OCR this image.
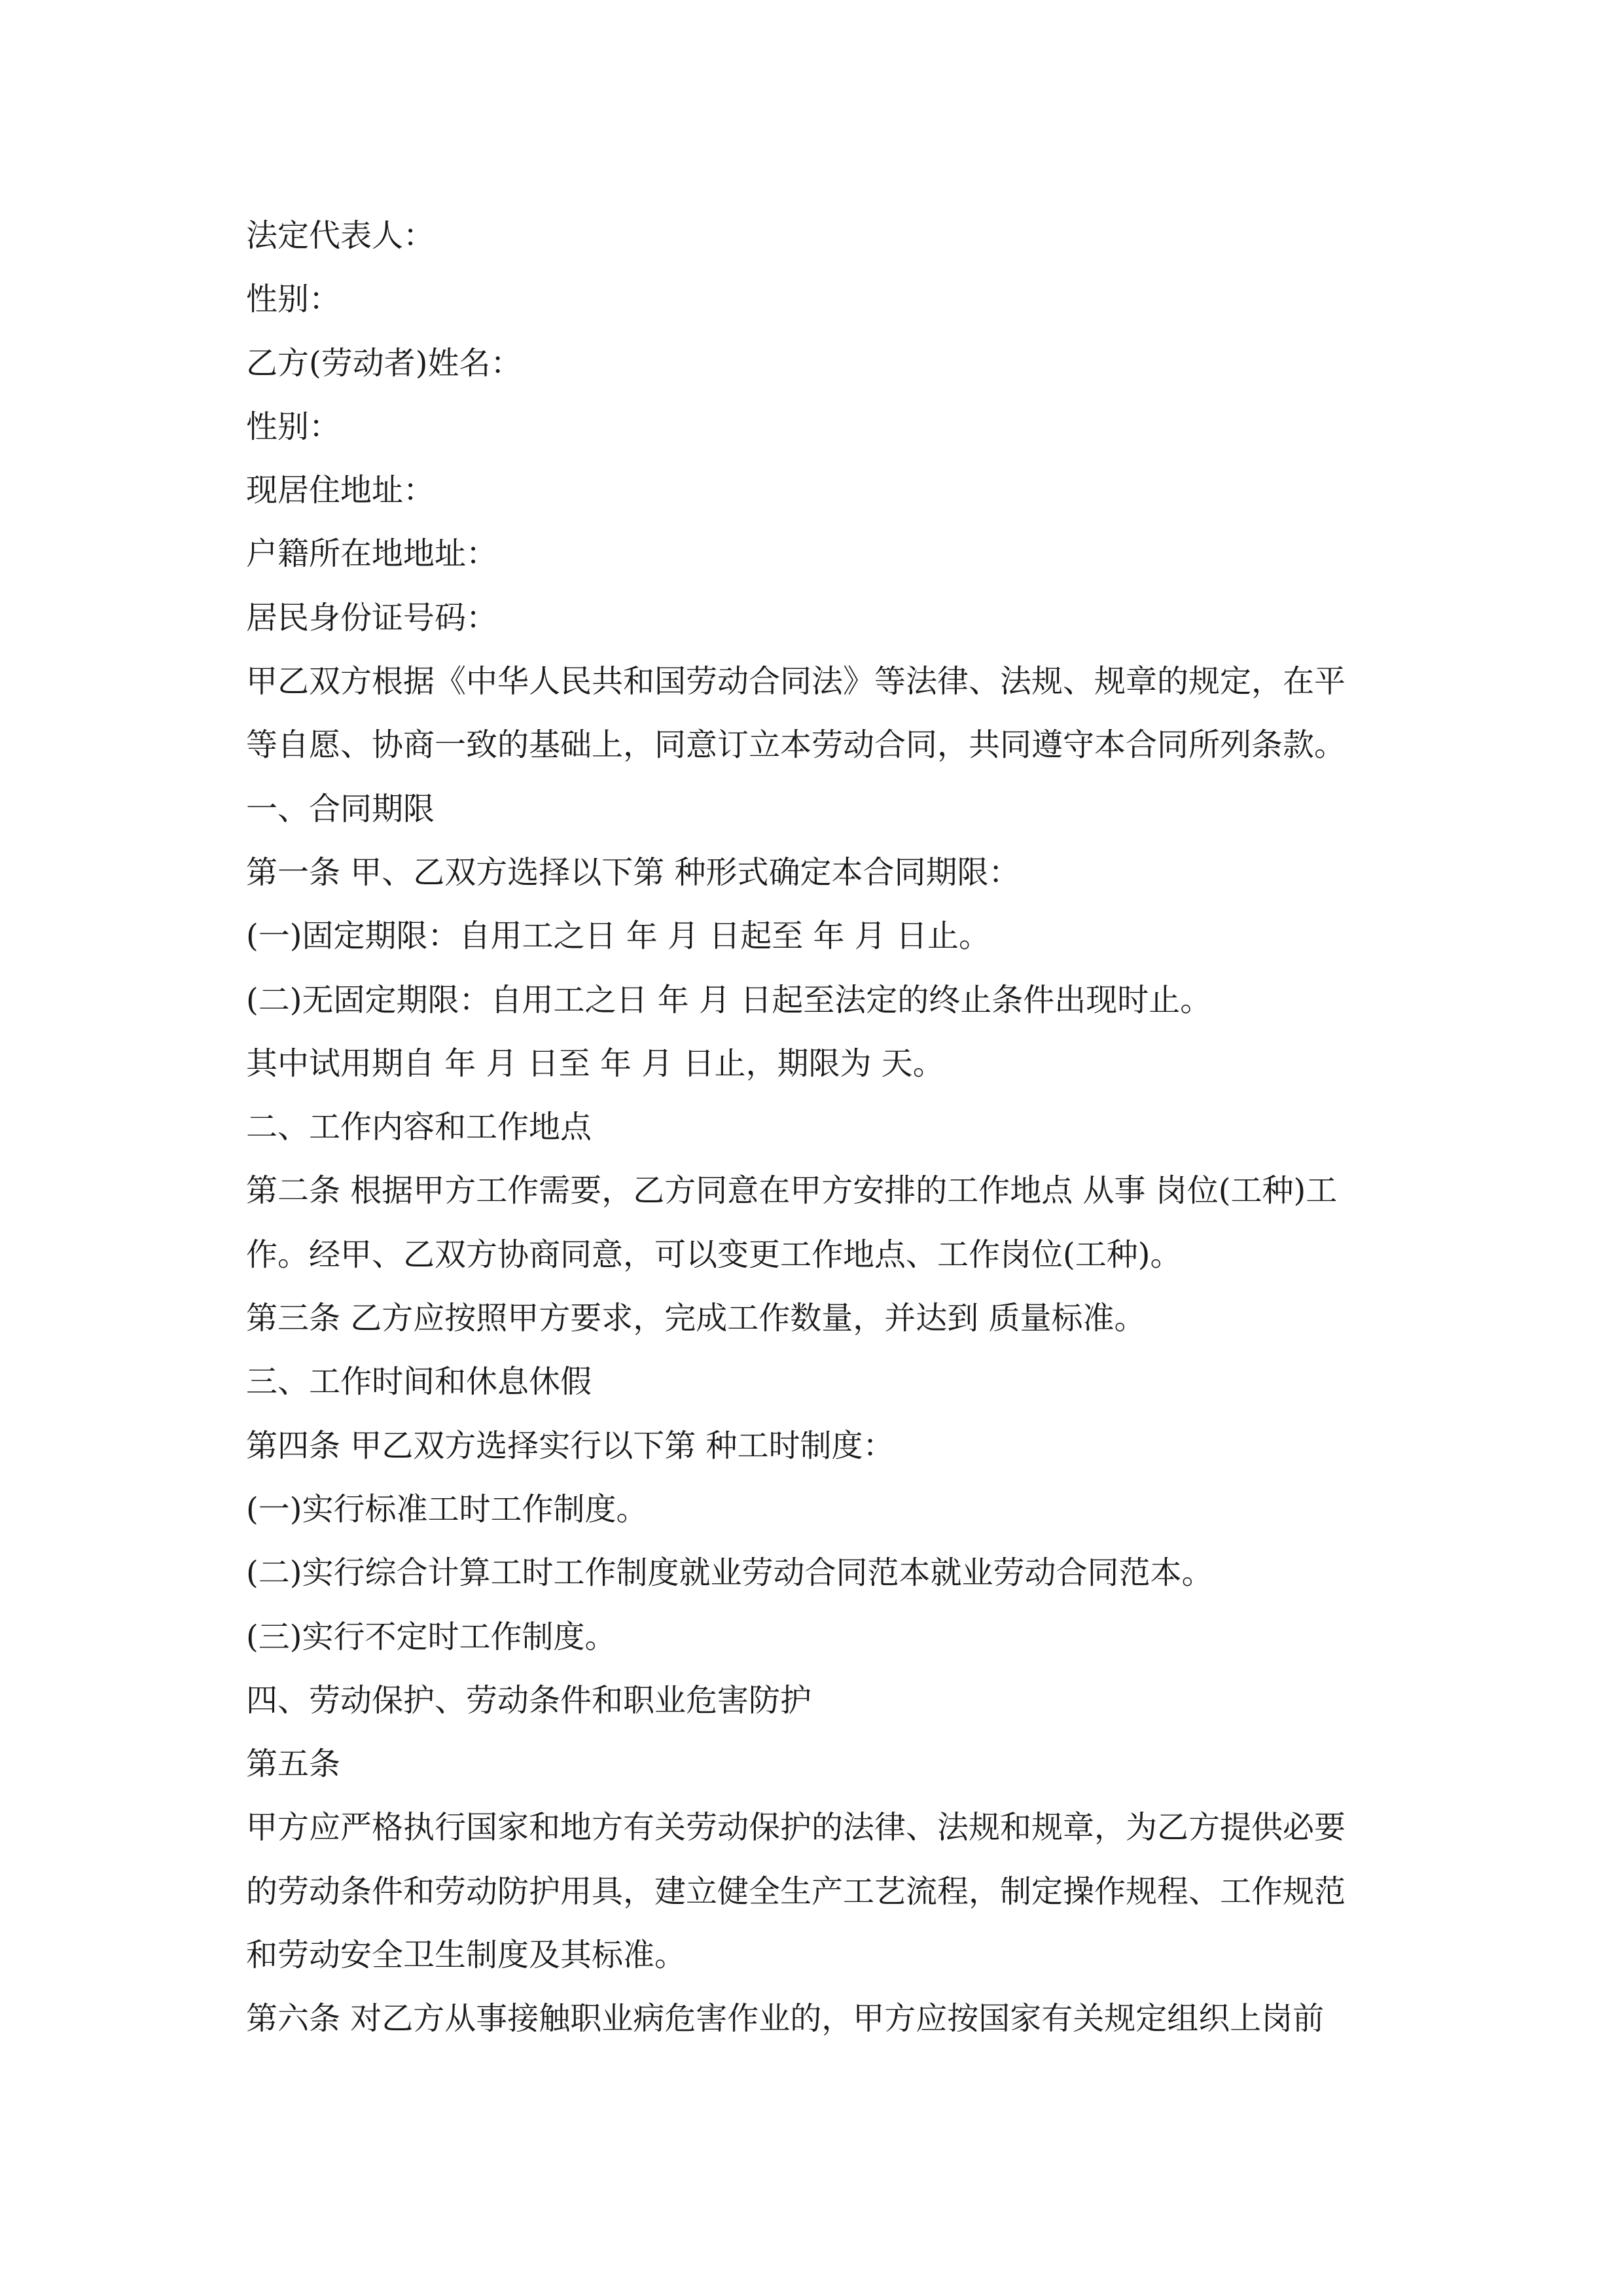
法定代表人：
性别：
乙方(劳动者)姓名：
性别：
现居住地址：
户籍所在地地址：
居民身份证号码：
甲乙双方根据《中华人民共和国劳动合同法》等法律、法规、规章的规定，在平
等自愿、协商一致的基础上，同意订立本劳动合同，共同遵守本合同所列条款。
一、合同期限
第一条 甲、乙双方选择以下第 种形式确定本合同期限：
(一)固定期限：自用工之日 年 月 日起至 年 月 日止。
(二)无固定期限：自用工之日 年 月 日起至法定的终止条件出现时止。
其中试用期自 年 月 日至 年 月 日止，期限为 天。
二、工作内容和工作地点
第二条 根据甲方工作需要，乙方同意在甲方安排的工作地点 从事 岗位(工种)工
作。经甲、乙双方协商同意，可以变更工作地点、工作岗位(工种)。
第三条 乙方应按照甲方要求，完成工作数量，并达到 质量标准。
三、工作时间和休息休假
第四条 甲乙双方选择实行以下第 种工时制度：
(一)实行标准工时工作制度。
(二)实行综合计算工时工作制度就业劳动合同范本就业劳动合同范本。
(三)实行不定时工作制度。
四、劳动保护、劳动条件和职业危害防护
第五条
甲方应严格执行国家和地方有关劳动保护的法律、法规和规章，为乙方提供必要
的劳动条件和劳动防护用具，建立健全生产工艺流程，制定操作规程、工作规范
和劳动安全卫生制度及其标准。
第六条 对乙方从事接触职业病危害作业的，甲方应按国家有关规定组织上岗前
